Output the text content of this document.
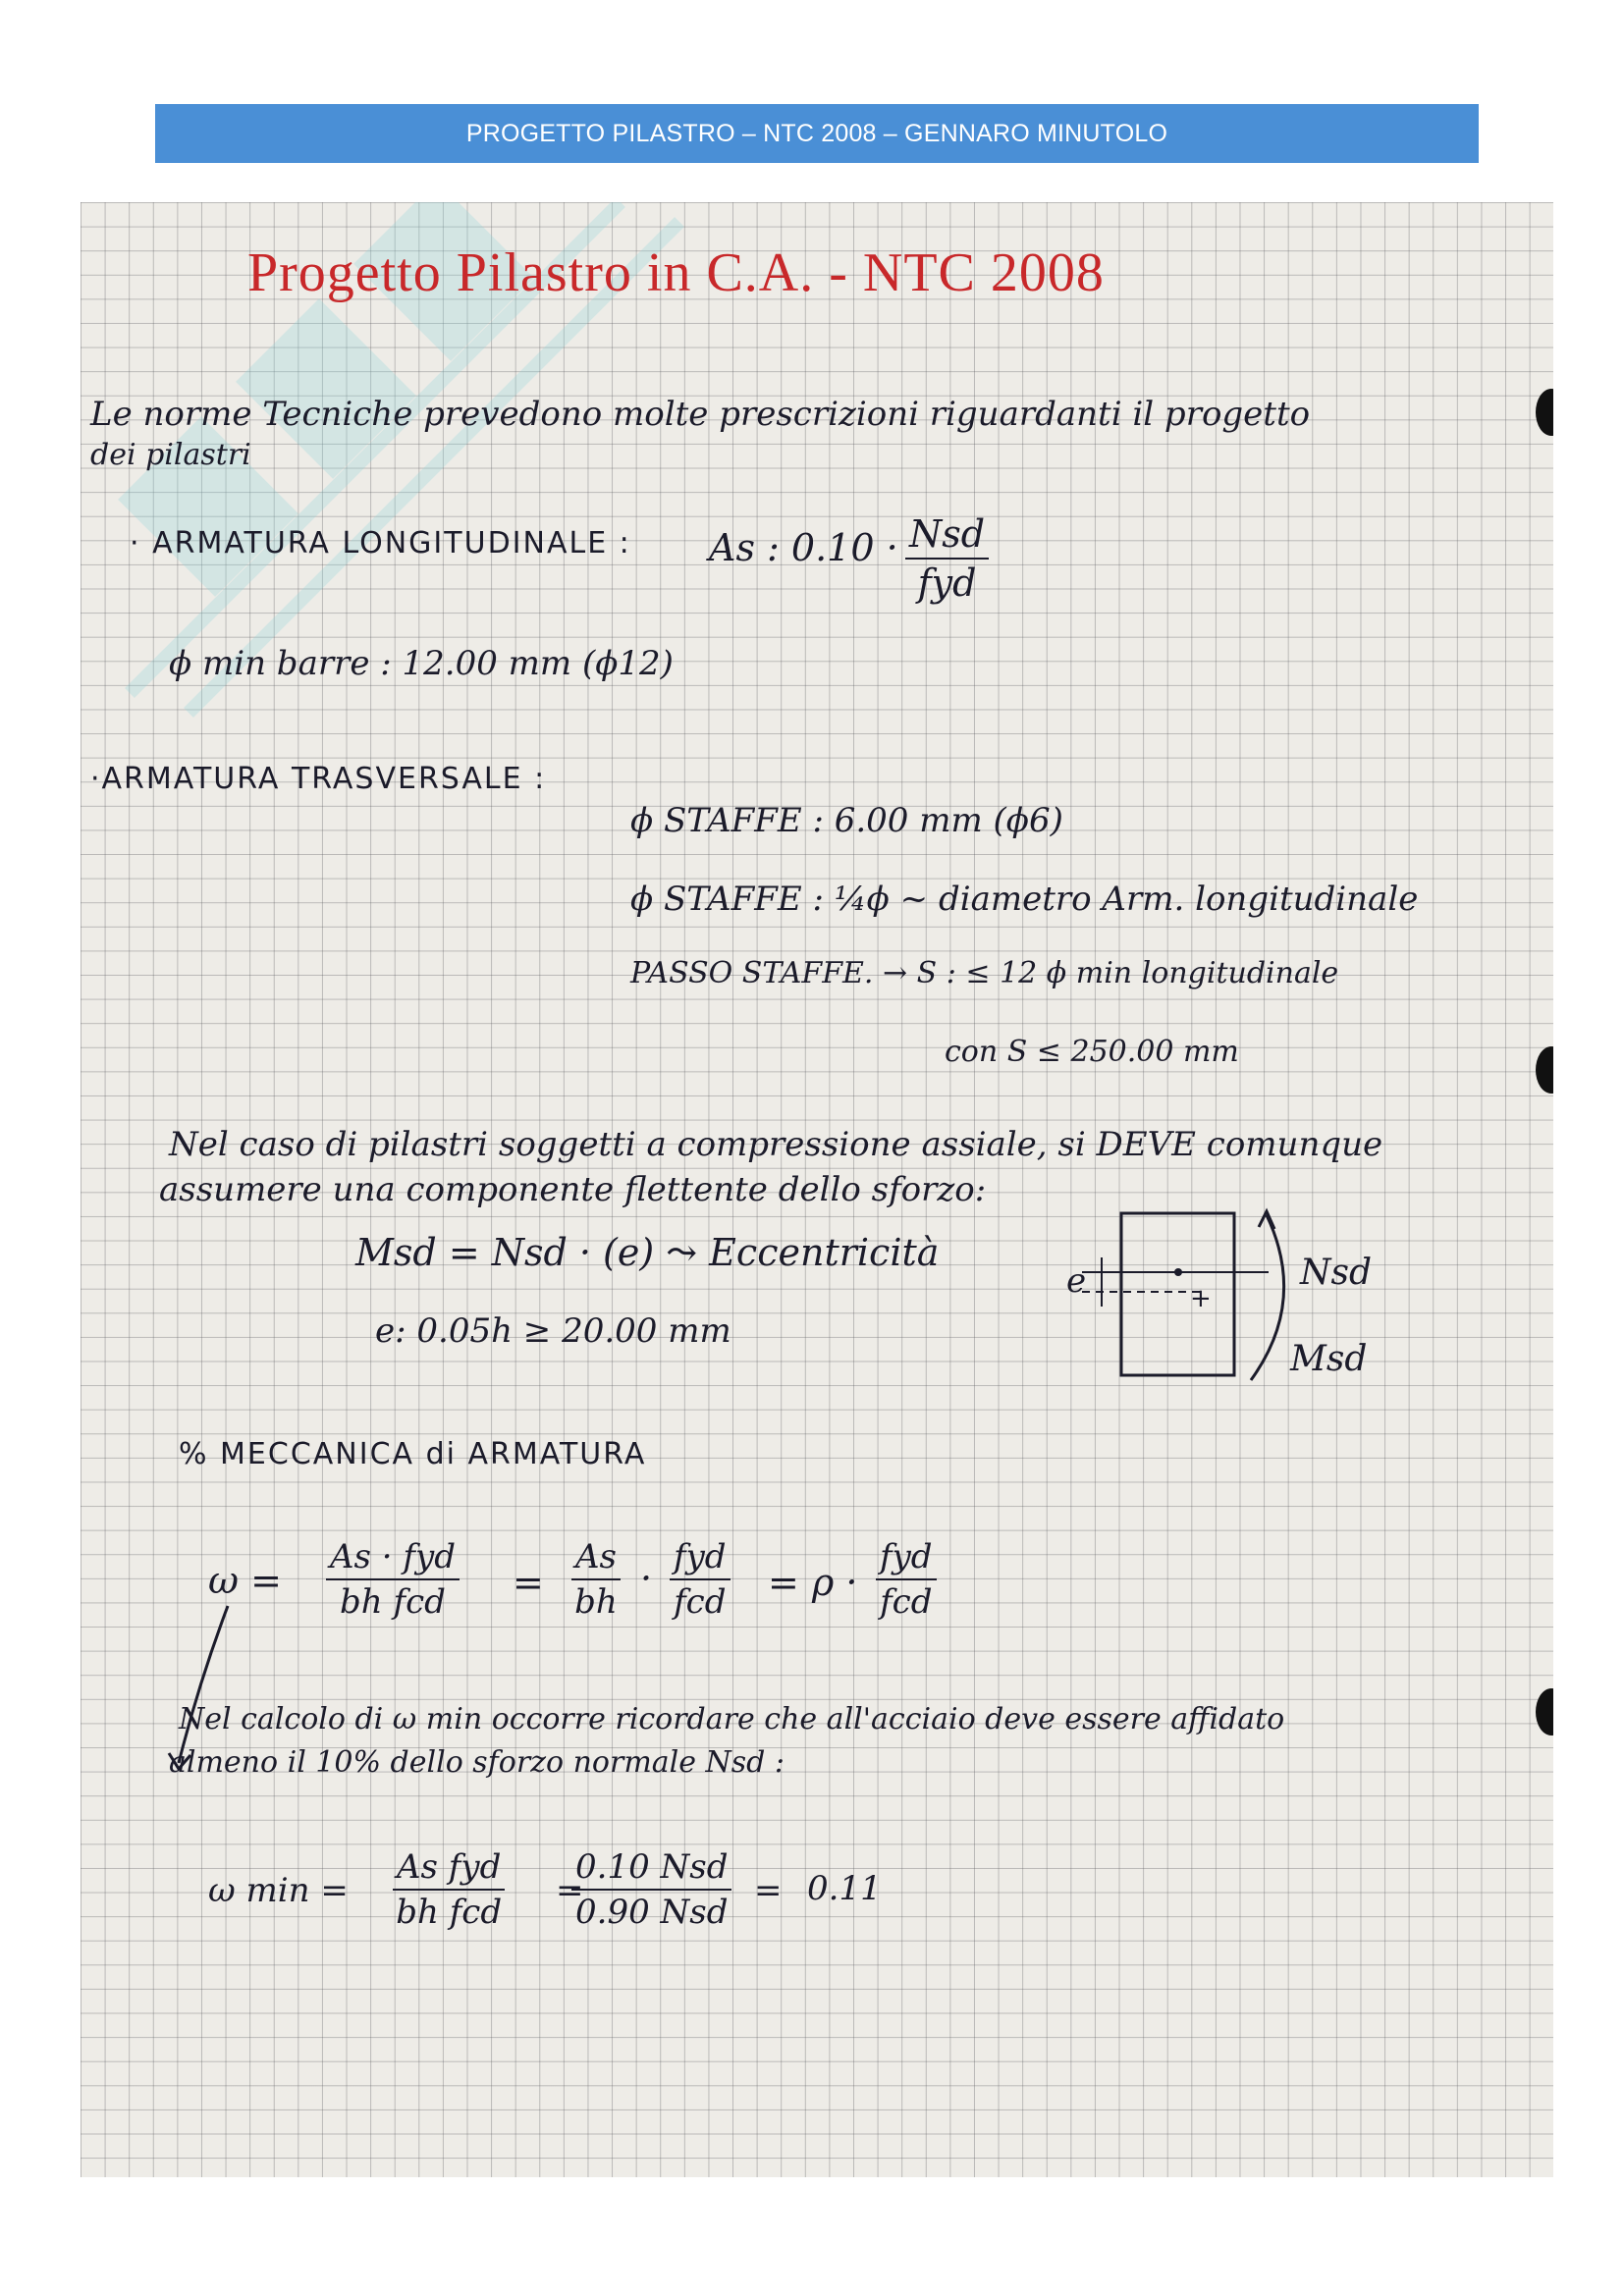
PROGETTO PILASTRO – NTC 2008 – GENNARO MINUTOLO
Progetto Pilastro in C.A. - NTC 2008
Le norme Tecniche prevedono molte prescrizioni riguardanti il progetto
dei pilastri
· ARMATURA LONGITUDINALE : As : 0.10 · Nsd
fyd
ϕ min barre : 12.00 mm (ϕ12)
·ARMATURA TRASVERSALE :
ϕ STAFFE : 6.00 mm (ϕ6)
ϕ STAFFE : ¼ϕ ~ diametro Arm. longitudinale
PASSO STAFFE. → S : ≤ 12 ϕ min longitudinale
con S ≤ 250.00 mm
Nel caso di pilastri soggetti a compressione assiale, si DEVE comunque
assumere una componente flettente dello sforzo:
Msd = Nsd · (e) ⤳ Eccentricità
e: 0.05h ≥ 20.00 mm
+
e	Nsd
Msd
% MECCANICA di ARMATURA
ω =
As · fyd
bh fcd = $\frac{As}{bh}$ · fyd
fcd = ρ ·
fyd
fcd
Nel calcolo di ω min occorre ricordare che all'acciaio deve essere affidato
almeno il 10% dello sforzo normale Nsd :
ω min =
As fyd
bh fcd
=
0.10 Nsd
0.90 Nsd
= 0.11
